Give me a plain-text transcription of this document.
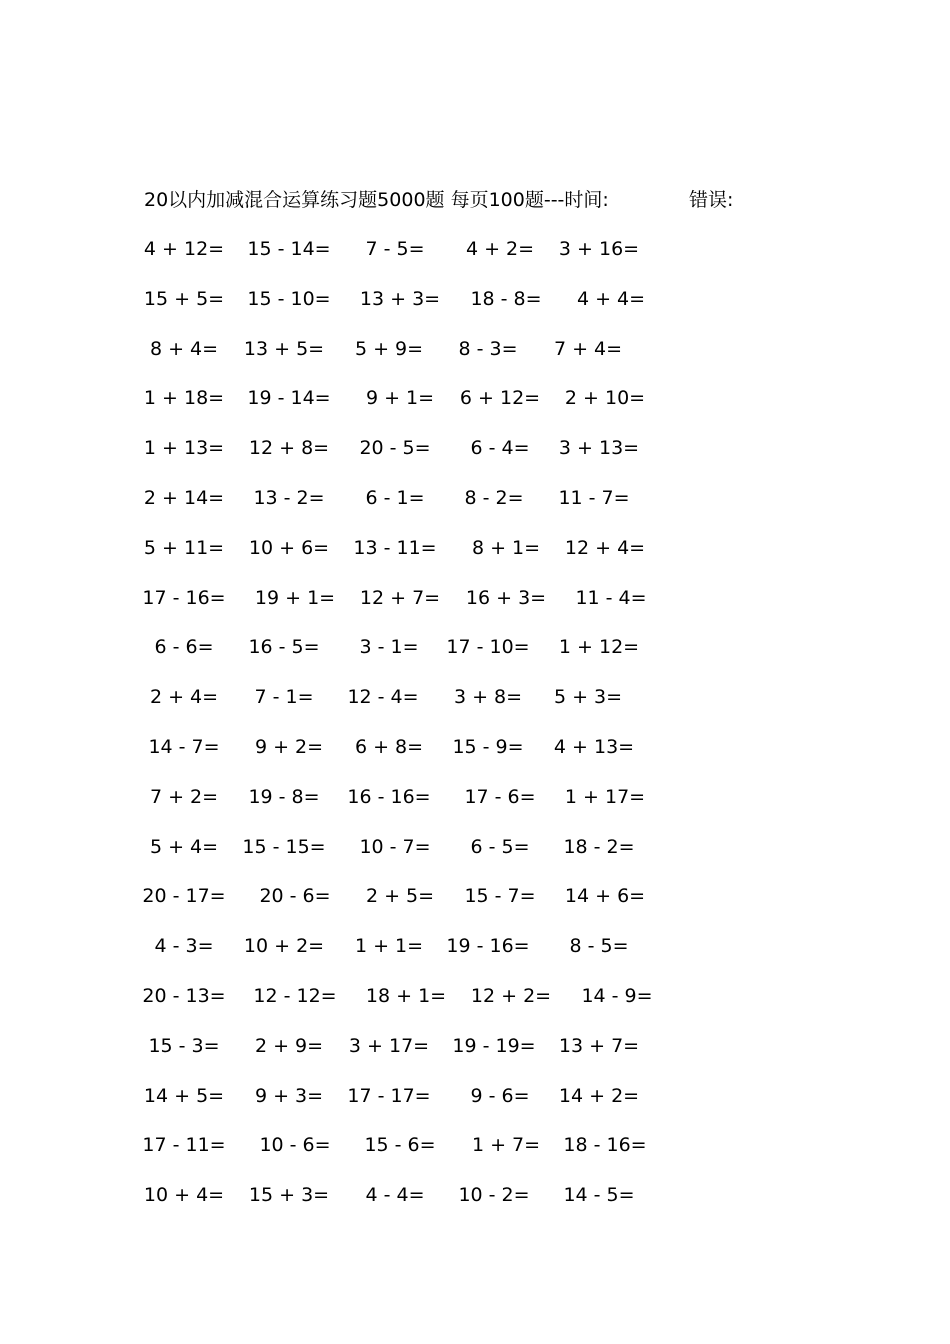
20以内加减混合运算练习题5000题 每页100题---时间:	错误:
4 + 12= 15 - 14= 7 - 5= 4 + 2= 3 + 16=
15 + 5= 15 - 10= 13 + 3= 18 - 8= 4 + 4=
8 + 4= 13 + 5= 5 + 9= 8 - 3= 7 + 4=
1 + 18= 19 - 14= 9 + 1= 6 + 12= 2 + 10=
1 + 13= 12 + 8= 20 - 5= 6 - 4= 3 + 13=
2 + 14= 13 - 2= 6 - 1= 8 - 2= 11 - 7=
5 + 11= 10 + 6= 13 - 11= 8 + 1= 12 + 4=
17 - 16= 19 + 1= 12 + 7= 16 + 3= 11 - 4=
6 - 6= 16 - 5= 3 - 1= 17 - 10= 1 + 12=
2 + 4= 7 - 1= 12 - 4= 3 + 8= 5 + 3=
14 - 7= 9 + 2= 6 + 8= 15 - 9= 4 + 13=
7 + 2= 19 - 8= 16 - 16= 17 - 6= 1 + 17=
5 + 4= 15 - 15= 10 - 7= 6 - 5= 18 - 2=
20 - 17= 20 - 6= 2 + 5= 15 - 7= 14 + 6=
4 - 3= 10 + 2= 1 + 1= 19 - 16= 8 - 5=
20 - 13= 12 - 12= 18 + 1= 12 + 2= 14 - 9=
15 - 3= 2 + 9= 3 + 17= 19 - 19= 13 + 7=
14 + 5= 9 + 3= 17 - 17= 9 - 6= 14 + 2=
17 - 11= 10 - 6= 15 - 6= 1 + 7= 18 - 16=
10 + 4= 15 + 3= 4 - 4= 10 - 2= 14 - 5=
